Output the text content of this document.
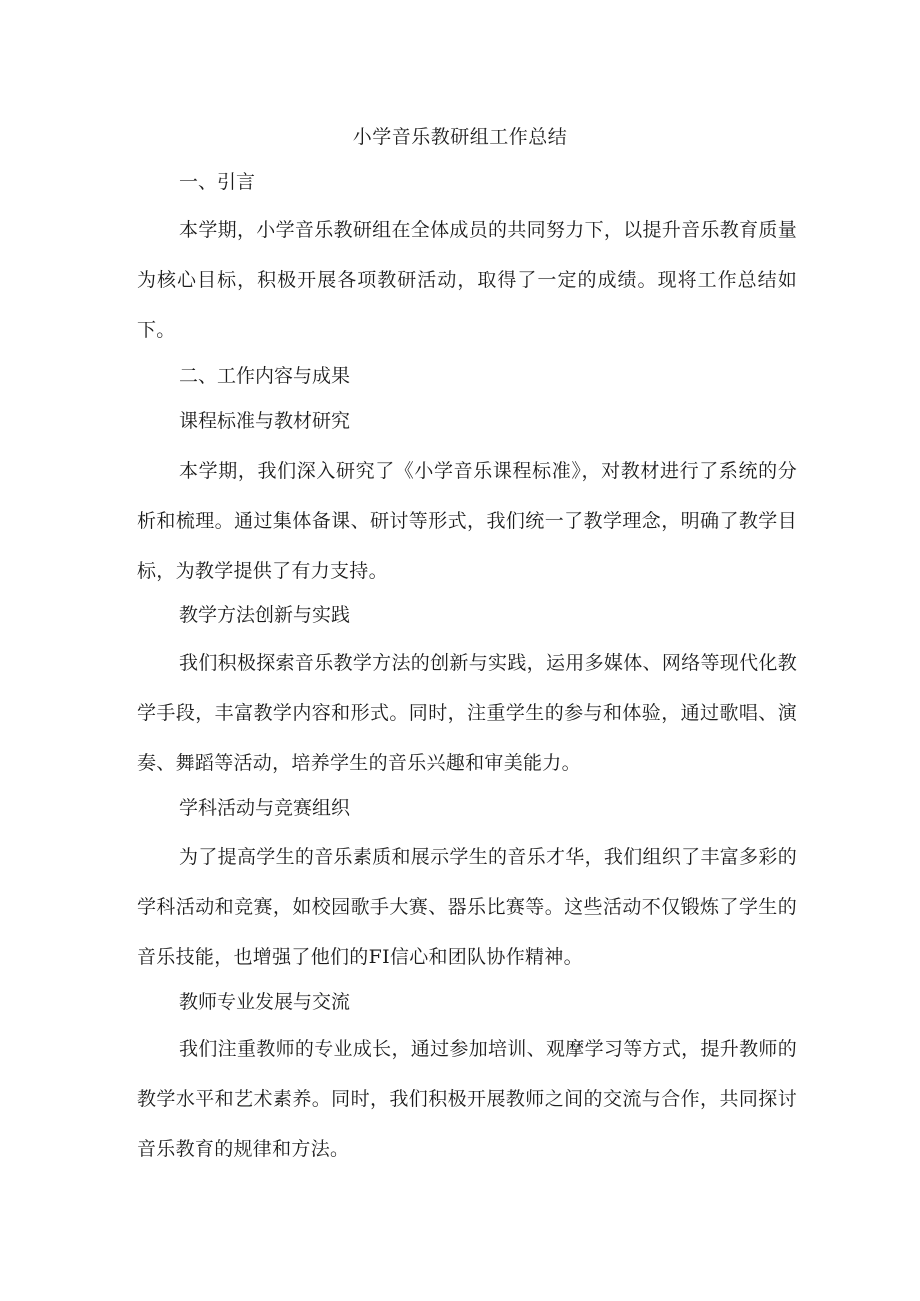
小学音乐教研组工作总结

一、引言

本学期，小学音乐教研组在全体成员的共同努力下，以提升音乐教育质量为核心目标，积极开展各项教研活动，取得了一定的成绩。现将工作总结如下。

二、工作内容与成果

课程标准与教材研究

本学期，我们深入研究了《小学音乐课程标准》，对教材进行了系统的分析和梳理。通过集体备课、研讨等形式，我们统一了教学理念，明确了教学目标，为教学提供了有力支持。

教学方法创新与实践

我们积极探索音乐教学方法的创新与实践，运用多媒体、网络等现代化教学手段，丰富教学内容和形式。同时，注重学生的参与和体验，通过歌唱、演奏、舞蹈等活动，培养学生的音乐兴趣和审美能力。

学科活动与竞赛组织

为了提高学生的音乐素质和展示学生的音乐才华，我们组织了丰富多彩的学科活动和竞赛，如校园歌手大赛、器乐比赛等。这些活动不仅锻炼了学生的音乐技能，也增强了他们的FI信心和团队协作精神。

教师专业发展与交流

我们注重教师的专业成长，通过参加培训、观摩学习等方式，提升教师的教学水平和艺术素养。同时，我们积极开展教师之间的交流与合作，共同探讨音乐教育的规律和方法。
